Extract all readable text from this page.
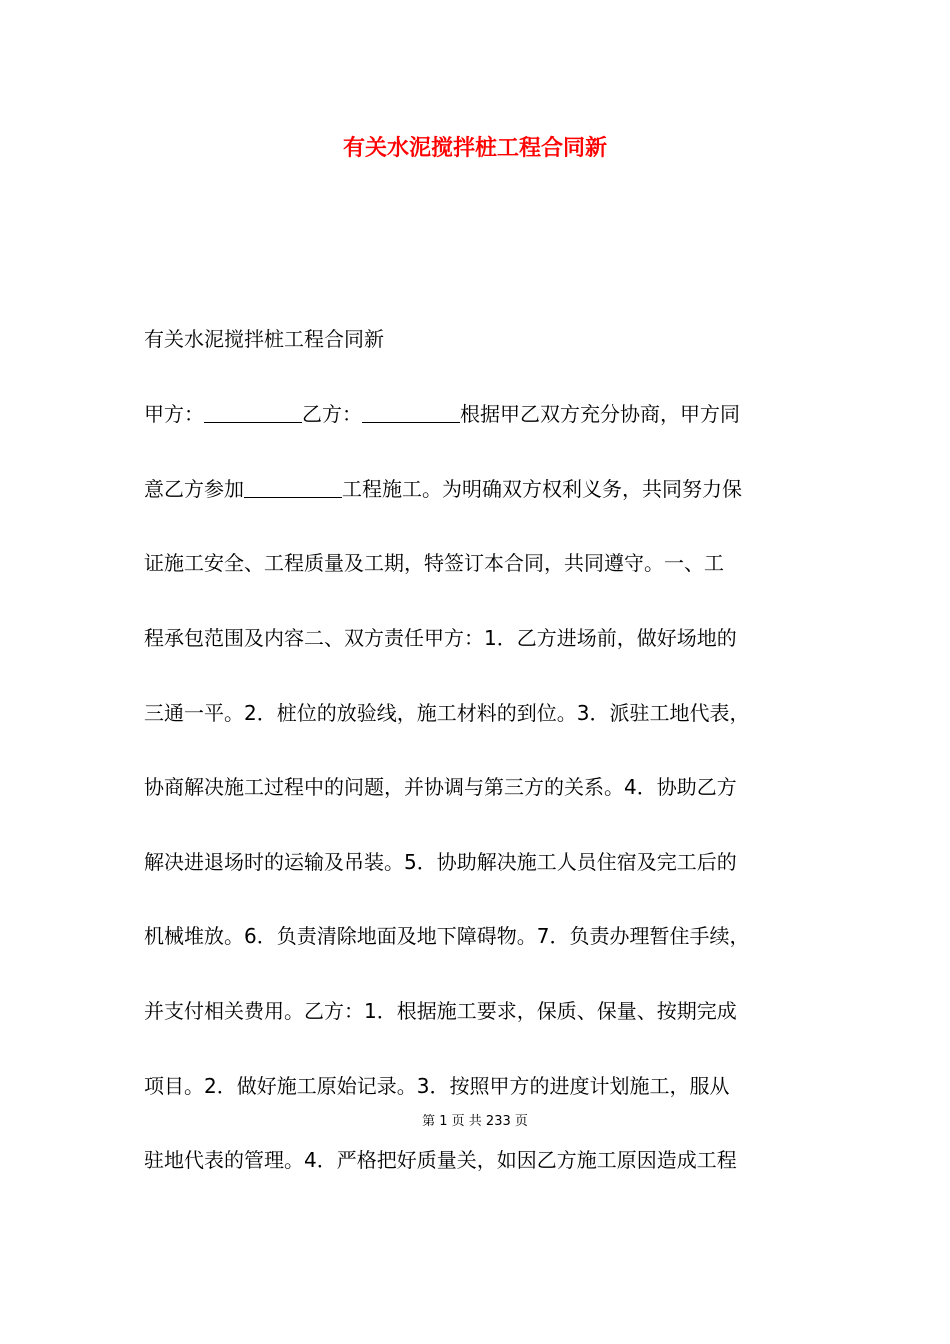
有关水泥搅拌桩工程合同新

有关水泥搅拌桩工程合同新

甲方：	乙方：	根据甲乙双方充分协商，甲方同

意乙方参加	工程施工。为明确双方权利义务，共同努力保

证施工安全、工程质量及工期，特签订本合同，共同遵守。一、工

程承包范围及内容二、双方责任甲方：1．乙方进场前，做好场地的

三通一平。2．桩位的放验线，施工材料的到位。3．派驻工地代表，

协商解决施工过程中的问题，并协调与第三方的关系。4．协助乙方

解决进退场时的运输及吊装。5．协助解决施工人员住宿及完工后的

机械堆放。6．负责清除地面及地下障碍物。7．负责办理暂住手续，

并支付相关费用。乙方：1．根据施工要求，保质、保量、按期完成

项目。2．做好施工原始记录。3．按照甲方的进度计划施工，服从

第 1 页 共 233 页

驻地代表的管理。4．严格把好质量关，如因乙方施工原因造成工程
